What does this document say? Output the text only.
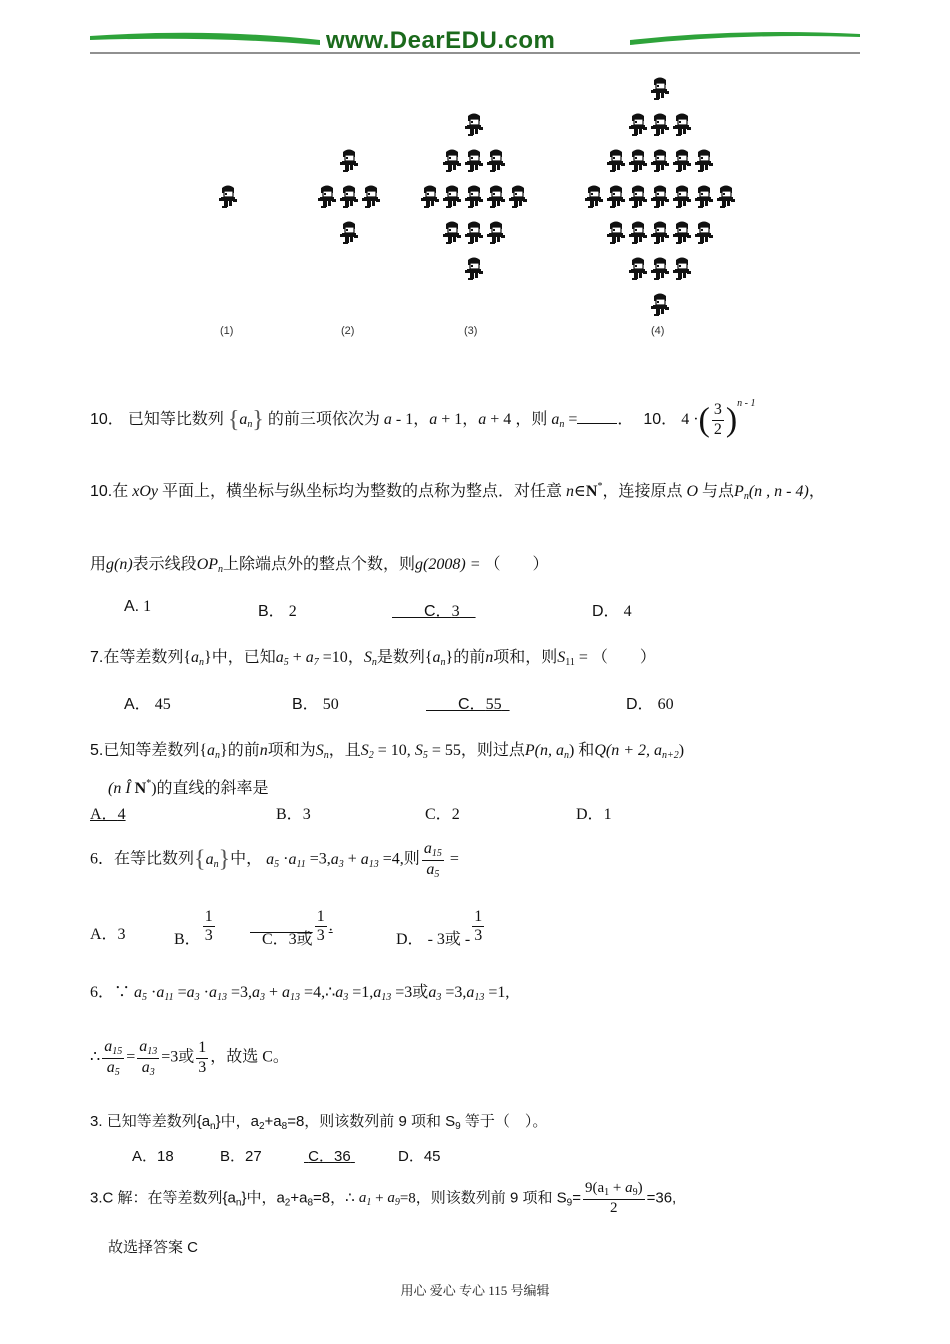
www.DearEDU.com
(1)	(2)	(3)	(4)
10． 已知等比数列 $\{a_n\}$ 的前三项依次为 a - 1，a + 1，a + 4 ，则 $a_n$ =	． 10． 4 ·( $\frac{3}{2} )^{n - 1}$
10.在 xOy 平面上，横坐标与纵坐标均为整数的点称为整点．对任意 n∈N*，连接原点 O 与点$P_n(n$ , n - 4)，
用g(n)表示线段$OP_n$上除端点外的整点个数，则g(2008) = （　　）
A. 1	B． 2	C．3	D． 4
7.在等差数列$\{a_n\}$中，已知$a_5 + a_7 =10$，$S_n$是数列$\{a_n\}$的前n项和，则$S_{11}$ = （　　）
A． 45	B． 50	C．55	D． 60
5.已知等差数列$\{a_n\}$的前n项和为$S_n$，且$S_2 = 10$, $S_5 = 55$，则过点P(n, $a_n$) 和Q(n + 2, $a_{n+2}$)
(n Î N*)的直线的斜率是
A．4	B．3	C．2	D．1
6．在等比数列$\{a_n\}$中， $a_5 \cdot a_{11} =3,a_3 + a_{13} =4$,则 $\frac{a_{15}}{a_5}$ =
A．3	B． $\frac{1}{3}$	C．3或 $\frac{1}{3}$ .
D． - 3或 - $\frac{1}{3}$
6．∵ $a_5 \cdot a_{11} =a_3 \cdot a_{13} =3,a_3 + a_{13}$ $=4,\therefore a_3 =1,a_{13} =3$或$a_3 =3,a_{13} =1$,
∴ $\frac{a_{15}}{a_5} = \frac{a_{13}}{a_3} =3$或 $\frac{1}{3}$ ，故选 C。
3. 已知等差数列$\{a_n\}$中，$a_2+a_8=8$，则该数列前 9 项和 $S_9$ 等于（　）。
A．18	B．27	C．36	D．45
3.C 解：在等差数列$\{a_n\}$中，$a_2+a_8=8$，∴ $a_1 + a_9=8$，则该数列前 9 项和 $S_9= \frac{9(a_1 + a_9)}{2} =36$,
故选择答案 C
用心 爱心 专心 115 号编辑
